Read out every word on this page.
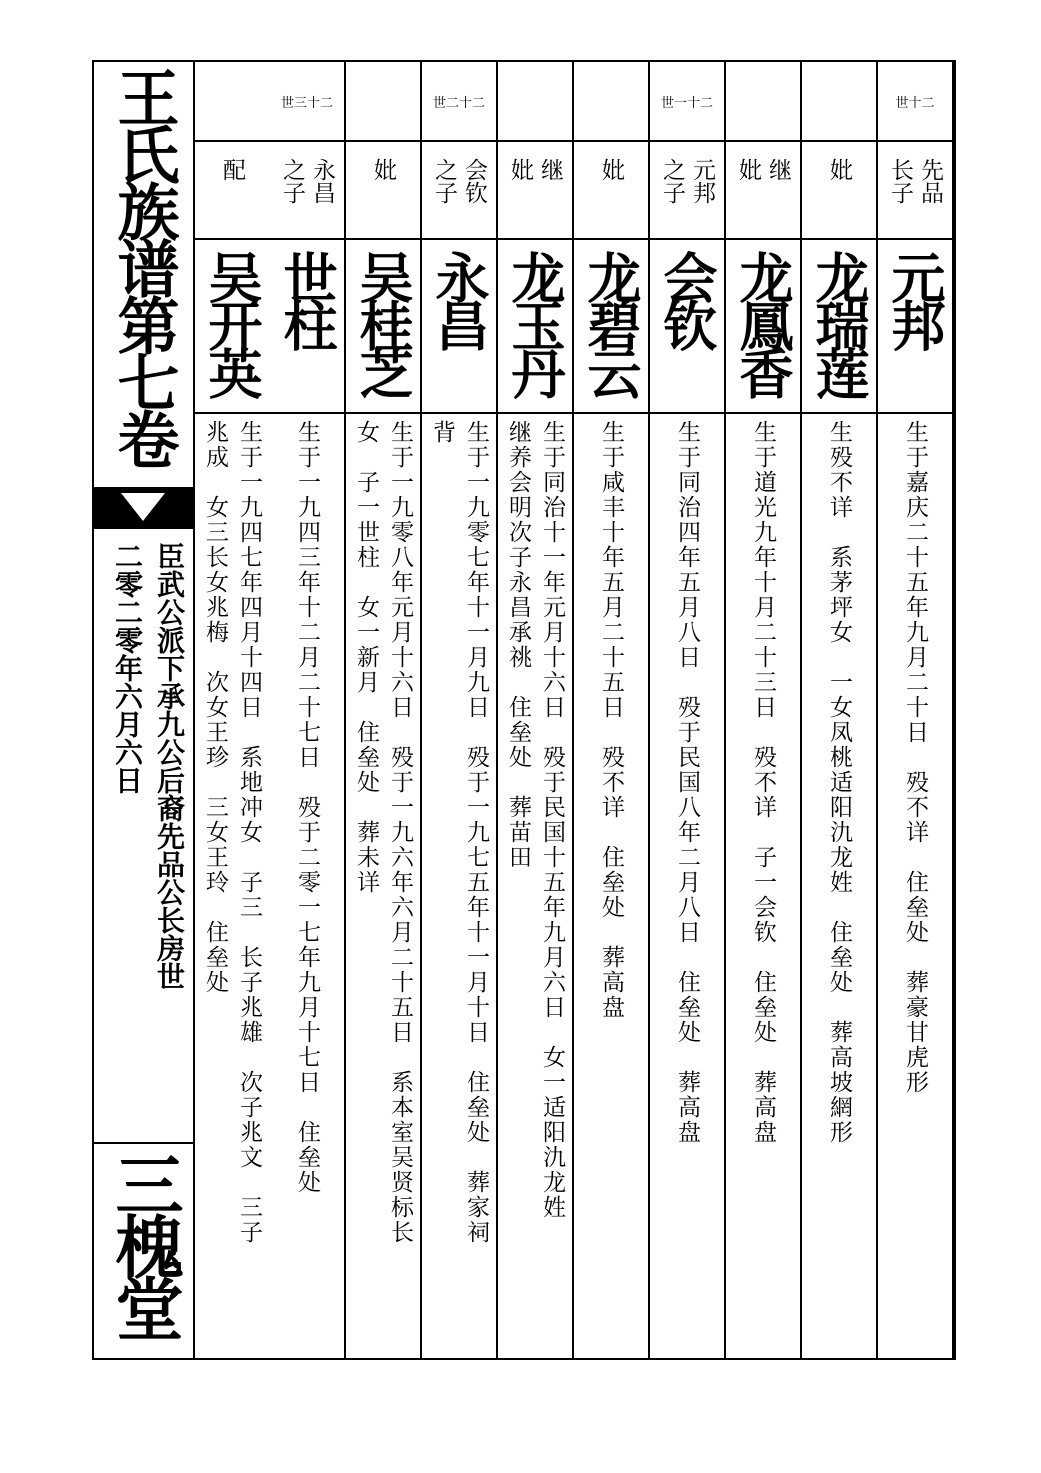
王氏族谱第七卷
臣武公派下承九公后裔先品公长房世
二零二零年六月六日
三槐堂
世十二
先品
长子
元邦
生于嘉庆二十五年九月二十日　殁不详　住垒处　葬豪甘虎形
妣
龙瑞莲
生殁不详　系茅坪女　一女凤桃适阳氿龙姓　住垒处　葬高坡網形
继
妣
龙鳳香
生于道光九年十月二十三日　殁不详　子一会钦　住垒处　葬高盘
世一十二
元邦
之子
会钦
生于同治四年五月八日　殁于民国八年二月八日　住垒处　葬高盘
妣
龙碧云
生于咸丰十年五月二十五日　殁不详　住垒处　葬高盘
继
妣
龙玉丹
生于同治十一年元月十六日　殁于民国十五年九月六日　女一适阳氿龙姓
继养会明次子永昌承祧　住垒处　葬苗田
世二十二
会钦
之子
永昌
生于一九零七年十一月九日　殁于一九七五年十一月十日　住垒处　葬家祠
背
妣
吴桂芝
生于一九零八年元月十六日　殁于一九六年六月二十五日　系本室吴贤标长
女　子一世柱　女一新月　住垒处　葬未详
世三十二
永昌
之子
世柱
生于一九四三年十二月二十七日　殁于二零一七年九月十七日　住垒处
配
吴开英
生于一九四七年四月十四日　系地冲女　子三　长子兆雄　次子兆文　三子
兆成　女三长女兆梅　次女王珍　三女王玲　住垒处
